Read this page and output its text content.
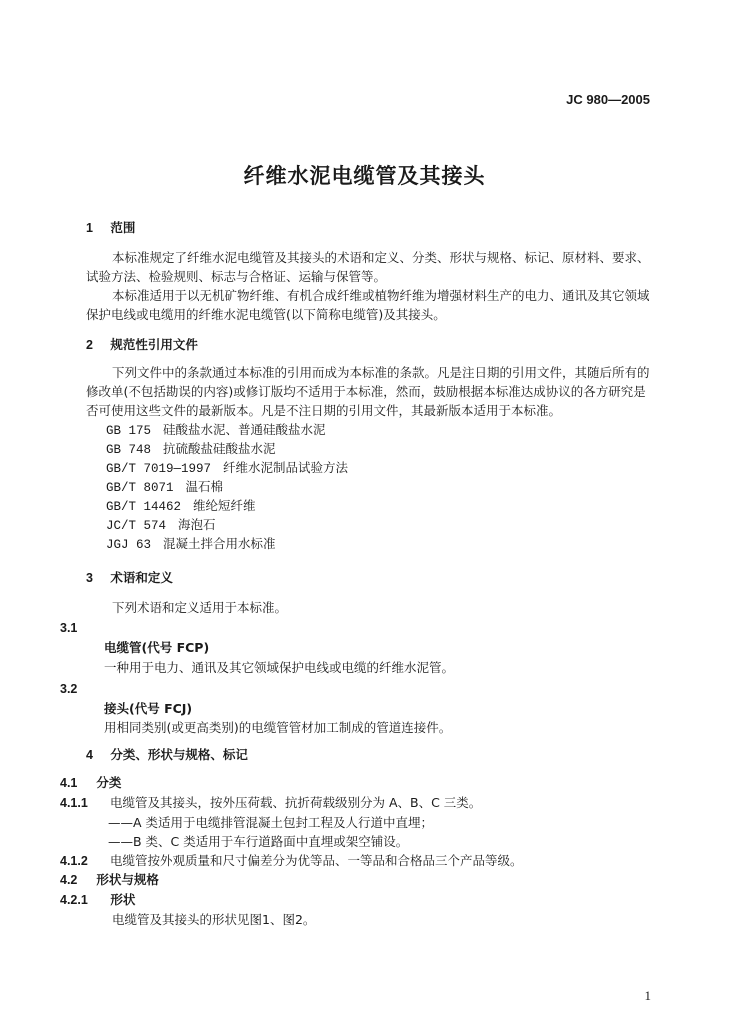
JC 980—2005
纤维水泥电缆管及其接头
1 范围
本标准规定了纤维水泥电缆管及其接头的术语和定义、分类、形状与规格、标记、原材料、要求、
试验方法、检验规则、标志与合格证、运输与保管等。
本标准适用于以无机矿物纤维、有机合成纤维或植物纤维为增强材料生产的电力、通讯及其它领域
保护电线或电缆用的纤维水泥电缆管(以下简称电缆管)及其接头。
2 规范性引用文件
下列文件中的条款通过本标准的引用而成为本标准的条款。凡是注日期的引用文件，其随后所有的
修改单(不包括勘误的内容)或修订版均不适用于本标准，然而，鼓励根据本标准达成协议的各方研究是
否可使用这些文件的最新版本。凡是不注日期的引用文件，其最新版本适用于本标准。
GB 175 硅酸盐水泥、普通硅酸盐水泥
GB 748 抗硫酸盐硅酸盐水泥
GB/T 7019—1997 纤维水泥制品试验方法
GB/T 8071 温石棉
GB/T 14462 维纶短纤维
JC/T 574 海泡石
JGJ 63 混凝土拌合用水标准
3 术语和定义
下列术语和定义适用于本标准。
3.1
电缆管(代号 FCP)
一种用于电力、通讯及其它领域保护电线或电缆的纤维水泥管。
3.2
接头(代号 FCJ)
用相同类别(或更高类别)的电缆管管材加工制成的管道连接件。
4 分类、形状与规格、标记
4.1 分类
4.1.1 电缆管及其接头，按外压荷载、抗折荷载级别分为 A、B、C 三类。
——A 类适用于电缆排管混凝土包封工程及人行道中直埋；
——B 类、C 类适用于车行道路面中直埋或架空铺设。
4.1.2 电缆管按外观质量和尺寸偏差分为优等品、一等品和合格品三个产品等级。
4.2 形状与规格
4.2.1 形状
电缆管及其接头的形状见图1、图2。
1
